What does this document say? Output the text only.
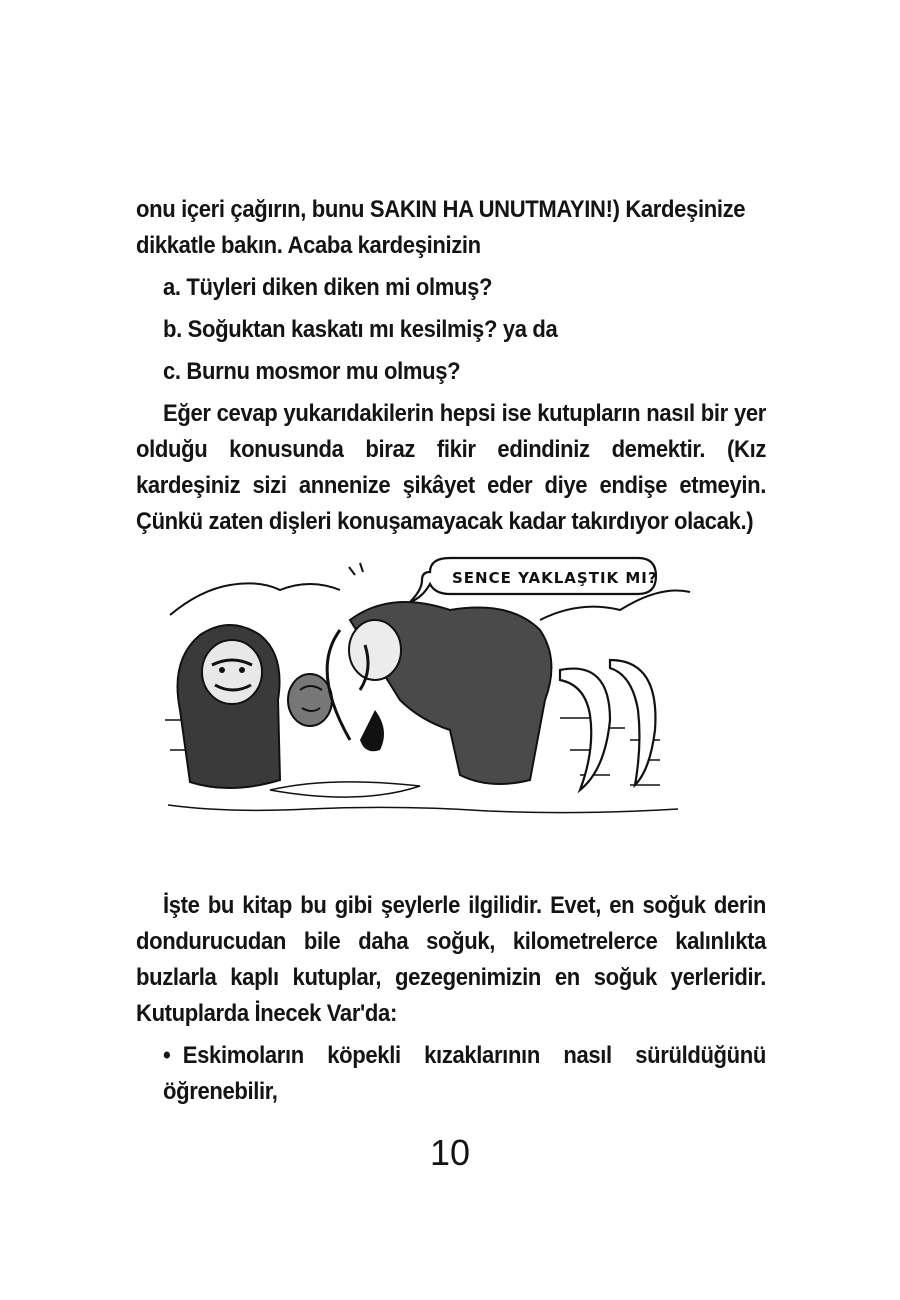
onu içeri çağırın, bunu SAKIN HA UNUTMAYIN!) Kardeşinize
dikkatle bakın. Acaba kardeşinizin

a. Tüyleri diken diken mi olmuş?

b. Soğuktan kaskatı mı kesilmiş? ya da

c. Burnu mosmor mu olmuş?

Eğer cevap yukarıdakilerin hepsi ise kutupların nasıl bir yer olduğu konusunda biraz fikir edindiniz demektir. (Kız kardeşiniz sizi annenize şikâyet eder diye endişe etmeyin. Çünkü zaten dişleri konuşamayacak kadar takırdıyor olacak.)

SENCE YAKLAŞTIK MI?

İşte bu kitap bu gibi şeylerle ilgilidir. Evet, en soğuk derin dondurucudan bile daha soğuk, kilometrelerce kalınlıkta buzlarla kaplı kutuplar, gezegenimizin en soğuk yerleridir. Kutuplarda İnecek Var'da:

• Eskimoların köpekli kızaklarının nasıl sürüldüğünü öğrenebilir,

10
